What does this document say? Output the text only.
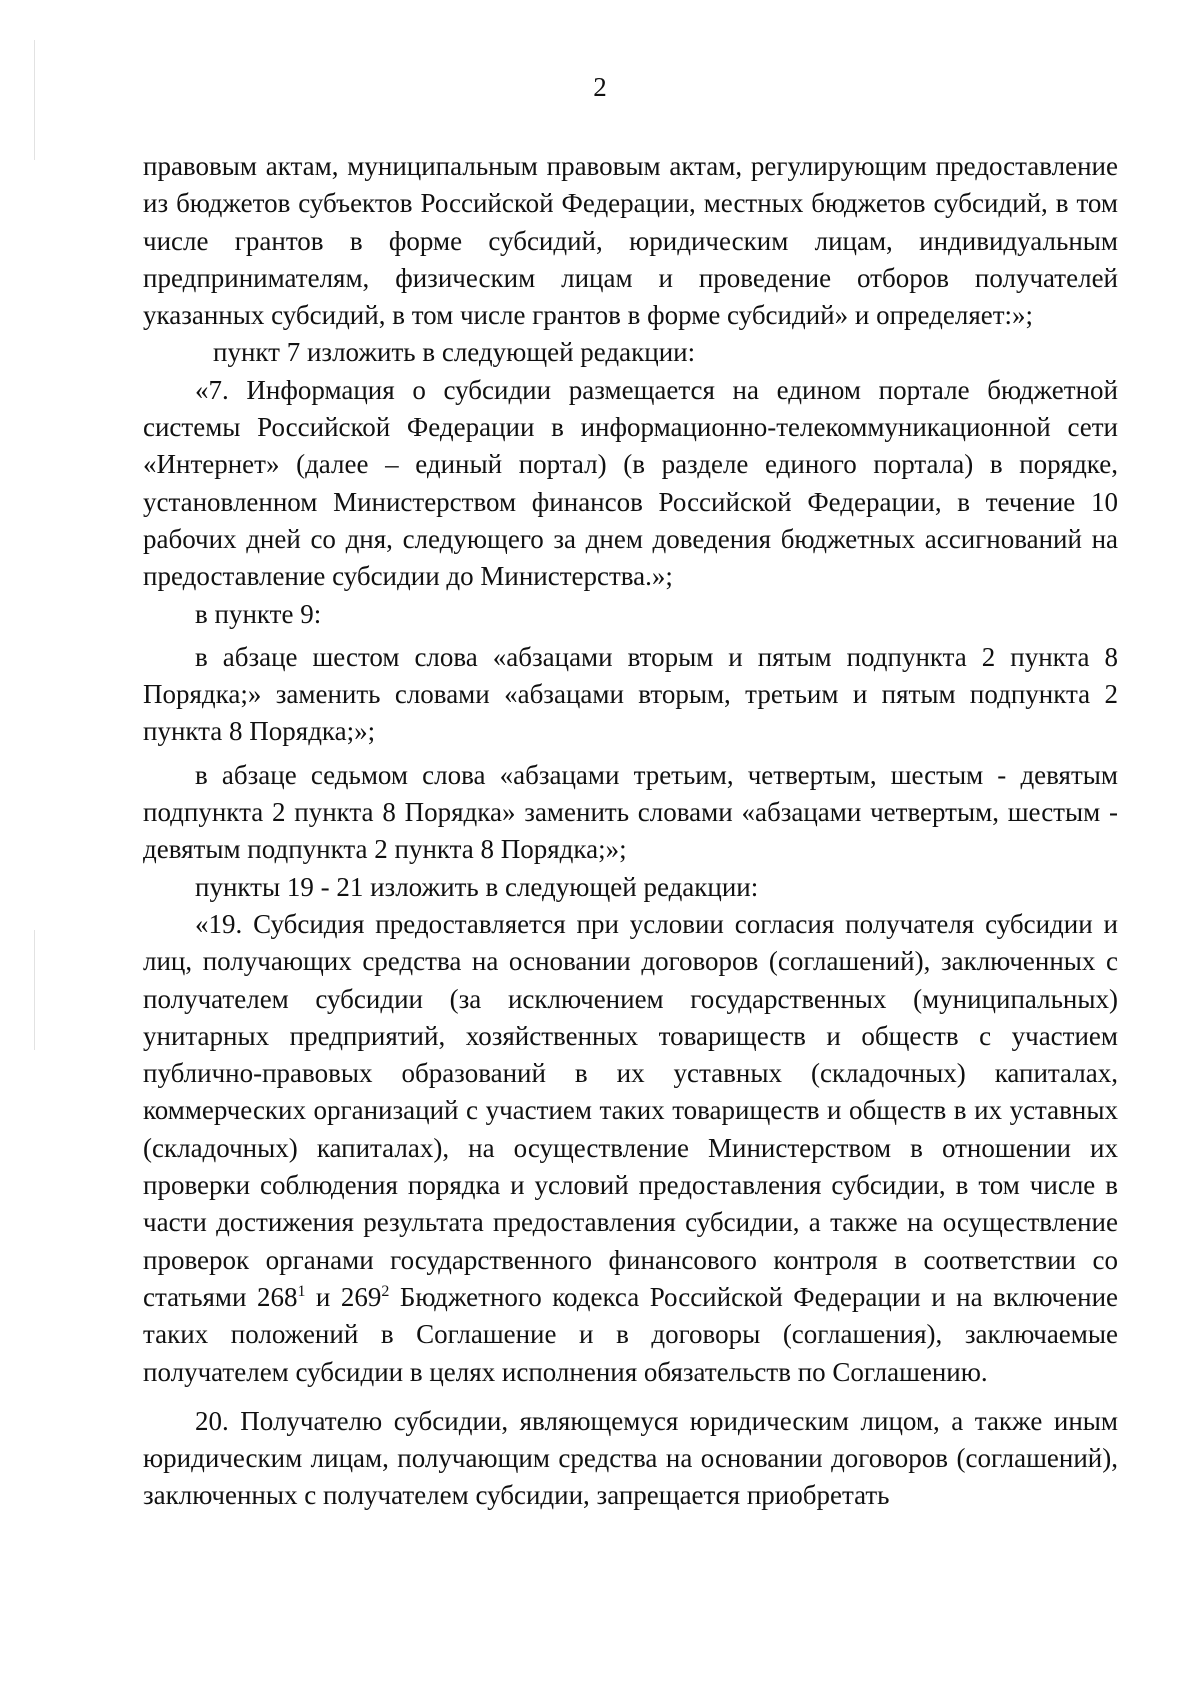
2

правовым актам, муниципальным правовым актам, регулирующим предоставление из бюджетов субъектов Российской Федерации, местных бюджетов субсидий, в том числе грантов в форме субсидий, юридическим лицам, индивидуальным предпринимателям, физическим лицам и проведение отборов получателей указанных субсидий, в том числе грантов в форме субсидий» и определяет:»;

пункт 7 изложить в следующей редакции:

«7. Информация о субсидии размещается на едином портале бюджетной системы Российской Федерации в информационно-телекоммуникационной сети «Интернет» (далее – единый портал) (в разделе единого портала) в порядке, установленном Министерством финансов Российской Федерации, в течение 10 рабочих дней со дня, следующего за днем доведения бюджетных ассигнований на предоставление субсидии до Министерства.»;

в пункте 9:

в абзаце шестом слова «абзацами вторым и пятым подпункта 2 пункта 8 Порядка;» заменить словами «абзацами вторым, третьим и пятым подпункта 2 пункта 8 Порядка;»;

в абзаце седьмом слова «абзацами третьим, четвертым, шестым - девятым подпункта 2 пункта 8 Порядка» заменить словами «абзацами четвертым, шестым - девятым подпункта 2 пункта 8 Порядка;»;

пункты 19 - 21 изложить в следующей редакции:

«19. Субсидия предоставляется при условии согласия получателя субсидии и лиц, получающих средства на основании договоров (соглашений), заключенных с получателем субсидии (за исключением государственных (муниципальных) унитарных предприятий, хозяйственных товариществ и обществ с участием публично-правовых образований в их уставных (складочных) капиталах, коммерческих организаций с участием таких товариществ и обществ в их уставных (складочных) капиталах), на осуществление Министерством в отношении их проверки соблюдения порядка и условий предоставления субсидии, в том числе в части достижения результата предоставления субсидии, а также на осуществление проверок органами государственного финансового контроля в соответствии со статьями $268^1$ и $269^2$ Бюджетного кодекса Российской Федерации и на включение таких положений в Соглашение и в договоры (соглашения), заключаемые получателем субсидии в целях исполнения обязательств по Соглашению.

20. Получателю субсидии, являющемуся юридическим лицом, а также иным юридическим лицам, получающим средства на основании договоров (соглашений), заключенных с получателем субсидии, запрещается приобретать
